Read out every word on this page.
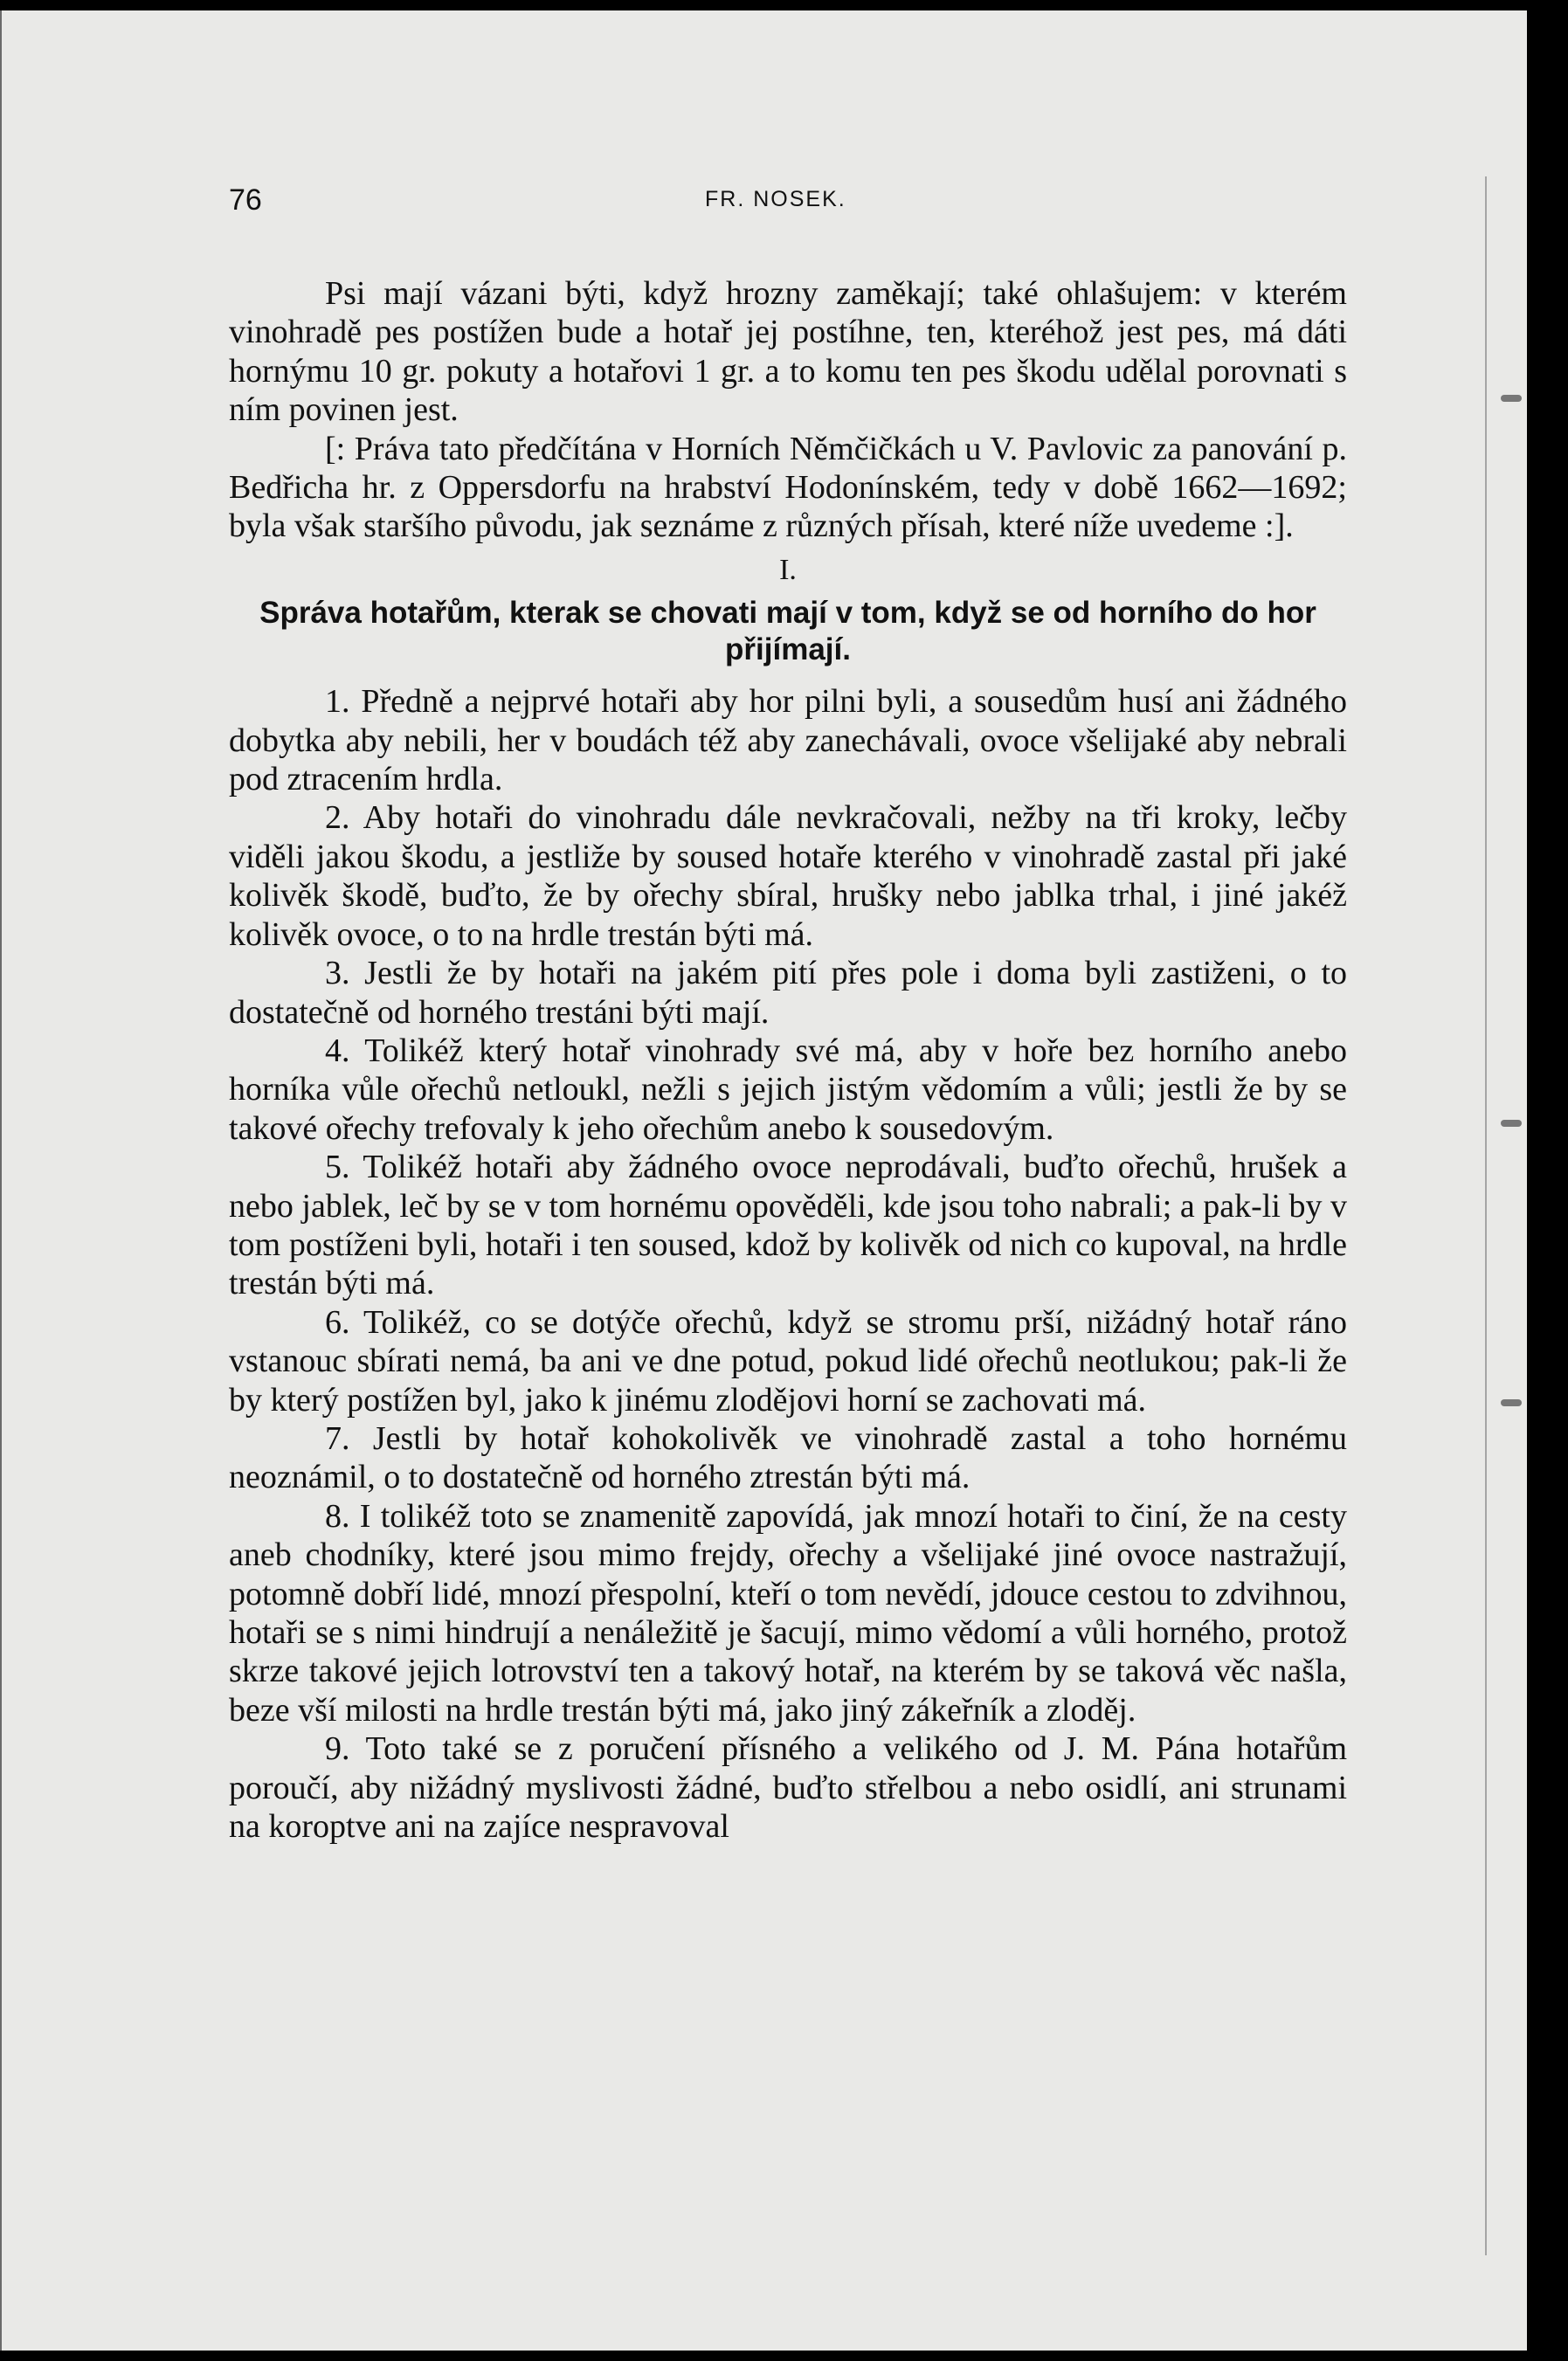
76	FR. NOSEK.

Psi mají vázani býti, když hrozny zaměkají; také ohlašujem: v kterém vinohradě pes postížen bude a hotař jej postíhne, ten, kteréhož jest pes, má dáti hornýmu 10 gr. pokuty a hotařovi 1 gr. a to komu ten pes škodu udělal porovnati s ním povinen jest.

[: Práva tato předčítána v Horních Němčičkách u V. Pavlovic za panování p. Bedřicha hr. z Oppersdorfu na hrabství Hodonínském, tedy v době 1662—1692; byla však staršího původu, jak seznáme z různých přísah, které níže uvedeme :].

I.

Správa hotařům, kterak se chovati mají v tom, když se od horního do hor přijímají.

1. Předně a nejprvé hotaři aby hor pilni byli, a sousedům husí ani žádného dobytka aby nebili, her v boudách též aby zanechávali, ovoce všelijaké aby nebrali pod ztracením hrdla.

2. Aby hotaři do vinohradu dále nevkračovali, nežby na tři kroky, lečby viděli jakou škodu, a jestliže by soused hotaře kterého v vinohradě zastal při jaké kolivěk škodě, buďto, že by ořechy sbíral, hrušky nebo jablka trhal, i jiné jakéž kolivěk ovoce, o to na hrdle trestán býti má.

3. Jestli že by hotaři na jakém pití přes pole i doma byli zastiženi, o to dostatečně od horného trestáni býti mají.

4. Tolikéž který hotař vinohrady své má, aby v hoře bez horního anebo horníka vůle ořechů netloukl, nežli s jejich jistým vědomím a vůli; jestli že by se takové ořechy trefovaly k jeho ořechům anebo k sousedovým.

5. Tolikéž hotaři aby žádného ovoce neprodávali, buďto ořechů, hrušek a nebo jablek, leč by se v tom hornému opověděli, kde jsou toho nabrali; a pak-li by v tom postíženi byli, hotaři i ten soused, kdož by kolivěk od nich co kupoval, na hrdle trestán býti má.

6. Tolikéž, co se dotýče ořechů, když se stromu prší, nižádný hotař ráno vstanouc sbírati nemá, ba ani ve dne potud, pokud lidé ořechů neotlukou; pak-li že by který postížen byl, jako k jinému zlodějovi horní se zachovati má.

7. Jestli by hotař kohokolivěk ve vinohradě zastal a toho hornému neoznámil, o to dostatečně od horného ztrestán býti má.

8. I tolikéž toto se znamenitě zapovídá, jak mnozí hotaři to činí, že na cesty aneb chodníky, které jsou mimo frejdy, ořechy a všelijaké jiné ovoce nastražují, potomně dobří lidé, mnozí přespolní, kteří o tom nevědí, jdouce cestou to zdvihnou, hotaři se s nimi hindrují a nenáležitě je šacují, mimo vědomí a vůli horného, protož skrze takové jejich lotrovství ten a takový hotař, na kterém by se taková věc našla, beze vší milosti na hrdle trestán býti má, jako jiný zákeřník a zloděj.

9. Toto také se z poručení přísného a velikého od J. M. Pána hotařům poroučí, aby nižádný myslivosti žádné, buďto střelbou a nebo osidlí, ani strunami na koroptve ani na zajíce nespravoval
